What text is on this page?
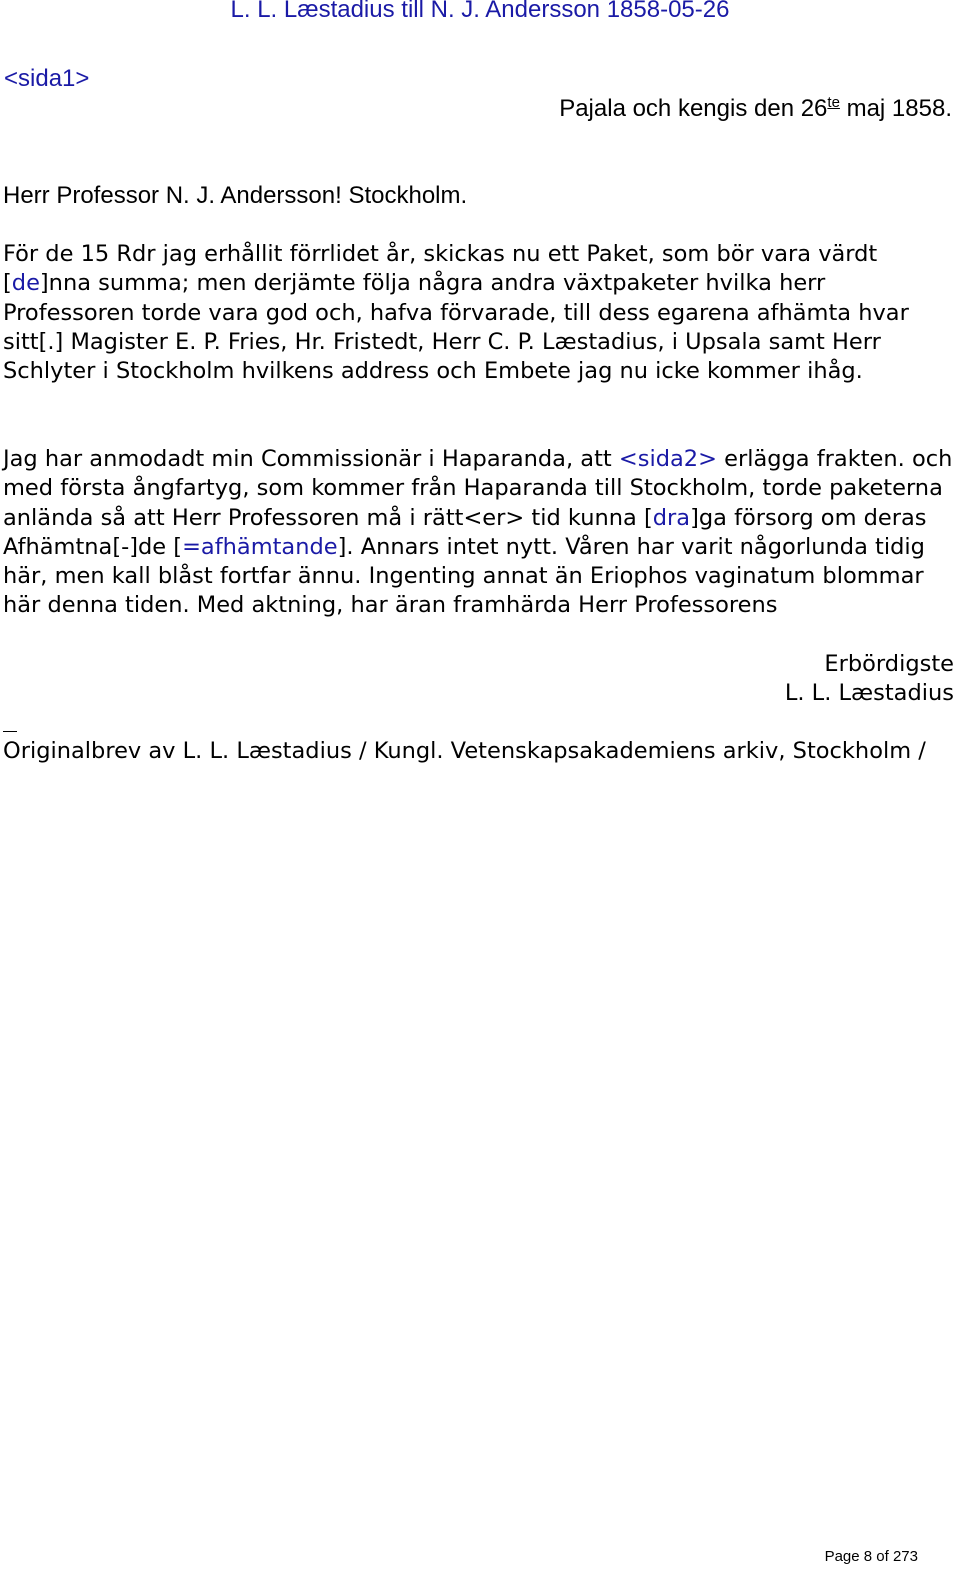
L. L. Læstadius till N. J. Andersson 1858-05-26
<sida1>
Pajala och kengis den $26^{te}$ maj 1858.
Herr Professor N. J. Andersson! Stockholm.

För de 15 Rdr jag erhållit förrlidet år, skickas nu ett Paket, som bör vara värdt [de]nna summa; men derjämte följa några andra växtpaketer hvilka herr Professoren torde vara god och, hafva förvarade, till dess egarena afhämta hvar sitt[.] Magister E. P. Fries, Hr. Fristedt, Herr C. P. Læstadius, i Upsala samt Herr Schlyter i Stockholm hvilkens address och Embete jag nu icke kommer ihåg.

Jag har anmodadt min Commissionär i Haparanda, att <sida2> erlägga frakten. och med första ångfartyg, som kommer från Haparanda till Stockholm, torde paketerna anlända så att Herr Professoren må i rätt<er> tid kunna [dra]ga försorg om deras Afhämtna[-]de [=afhämtande]. Annars intet nytt. Våren har varit någorlunda tidig här, men kall blåst fortfar ännu. Ingenting annat än Eriophos vaginatum blommar här denna tiden. Med aktning, har äran framhärda Herr Professorens

Erbördigste
L. L. Læstadius

Originalbrev av L. L. Læstadius / Kungl. Vetenskapsakademiens arkiv, Stockholm /

Page 8 of 273
